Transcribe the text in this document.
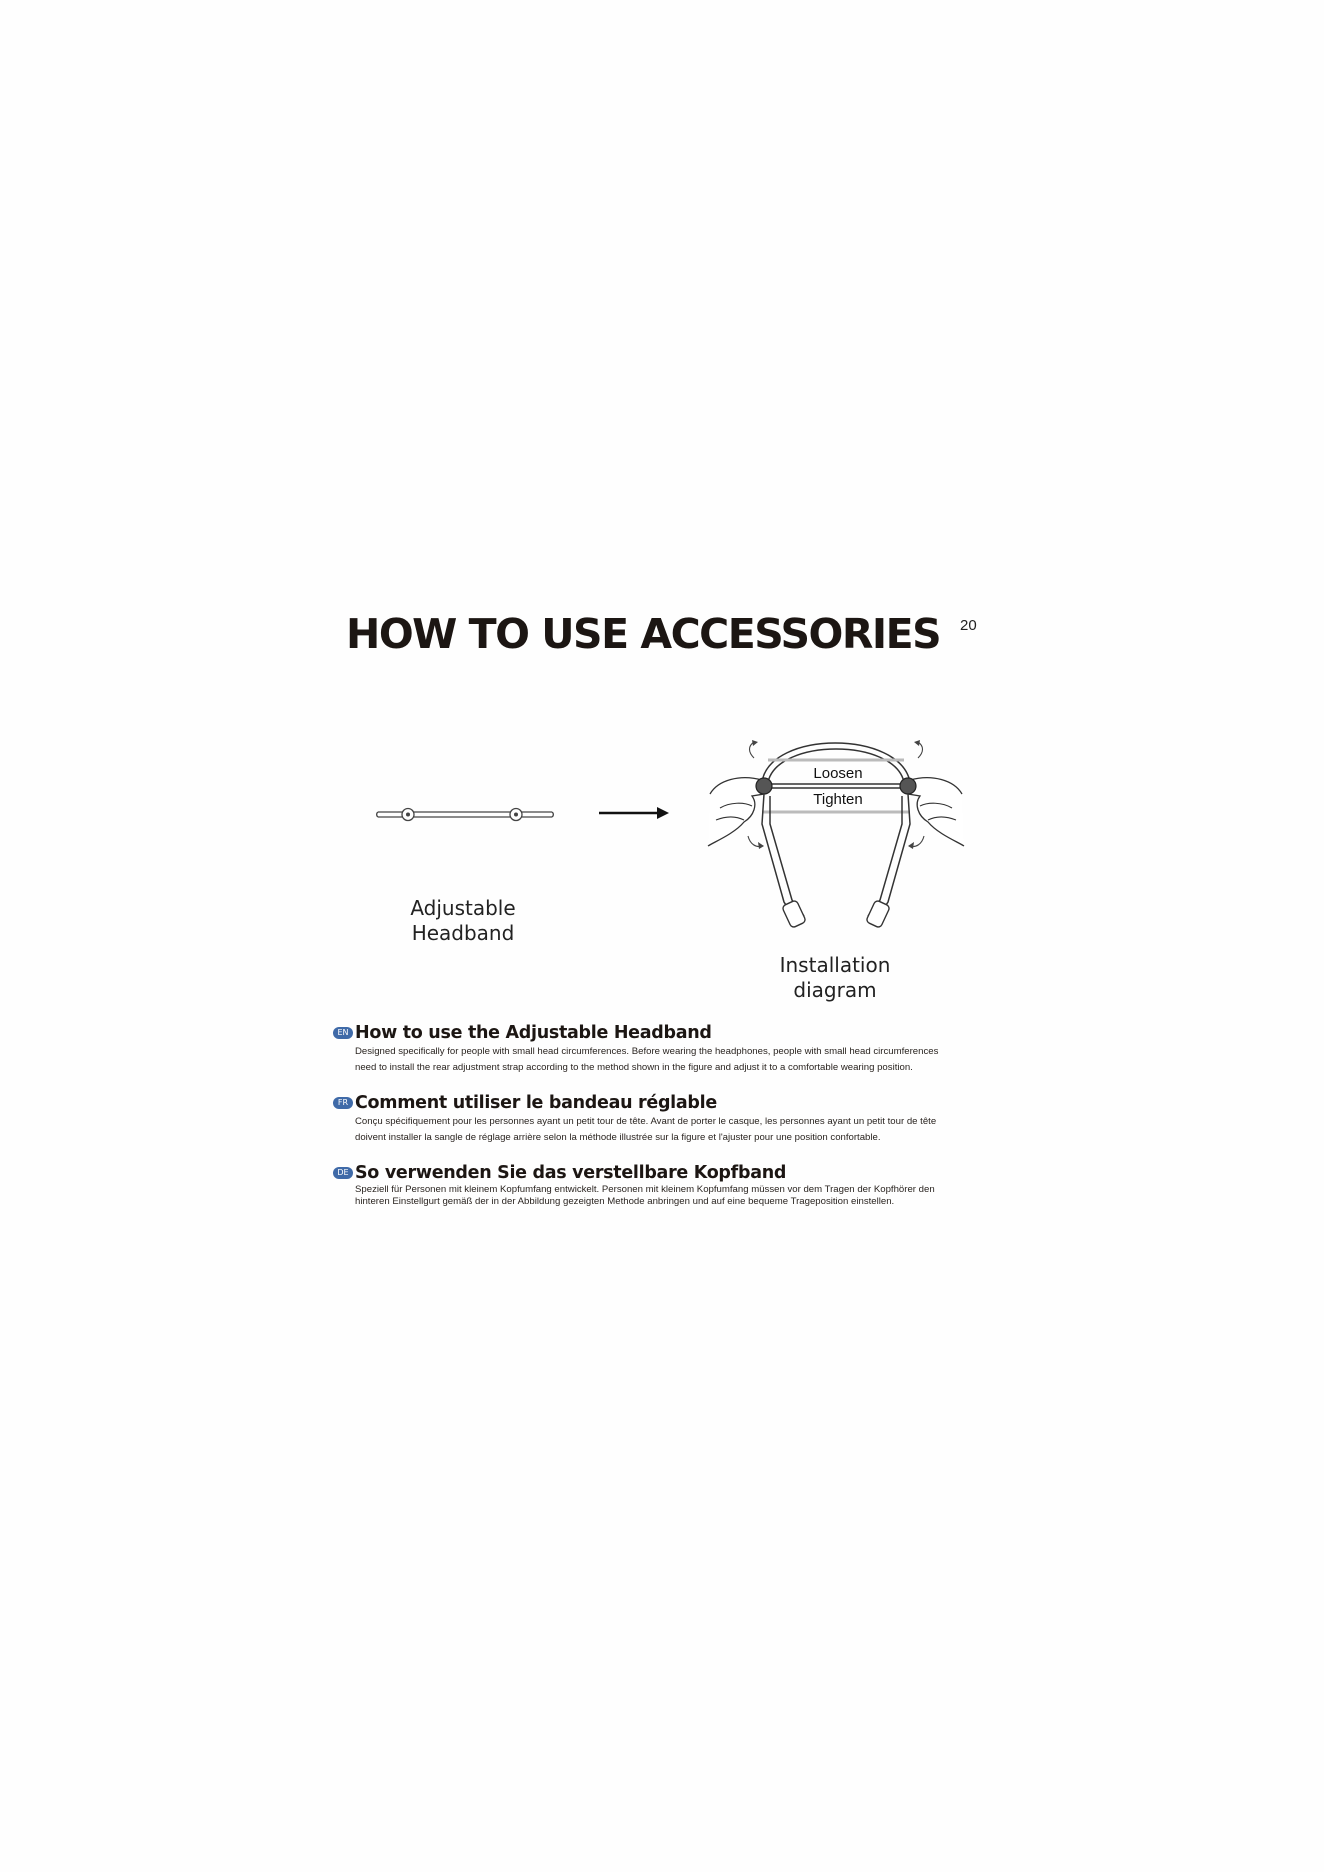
HOW TO USE ACCESSORIES 20
Loosen
Tighten
Adjustable
Headband
Installation
diagram
EN How to use the Adjustable Headband
Designed specifically for people with small head circumferences. Before wearing the headphones, people with small head circumferences
need to install the rear adjustment strap according to the method shown in the figure and adjust it to a comfortable wearing position.
FR Comment utiliser le bandeau réglable
Conçu spécifiquement pour les personnes ayant un petit tour de tête. Avant de porter le casque, les personnes ayant un petit tour de tête
doivent installer la sangle de réglage arrière selon la méthode illustrée sur la figure et l'ajuster pour une position confortable.
DE So verwenden Sie das verstellbare Kopfband
Speziell für Personen mit kleinem Kopfumfang entwickelt. Personen mit kleinem Kopfumfang müssen vor dem Tragen der Kopfhörer den
hinteren Einstellgurt gemäß der in der Abbildung gezeigten Methode anbringen und auf eine bequeme Trageposition einstellen.
